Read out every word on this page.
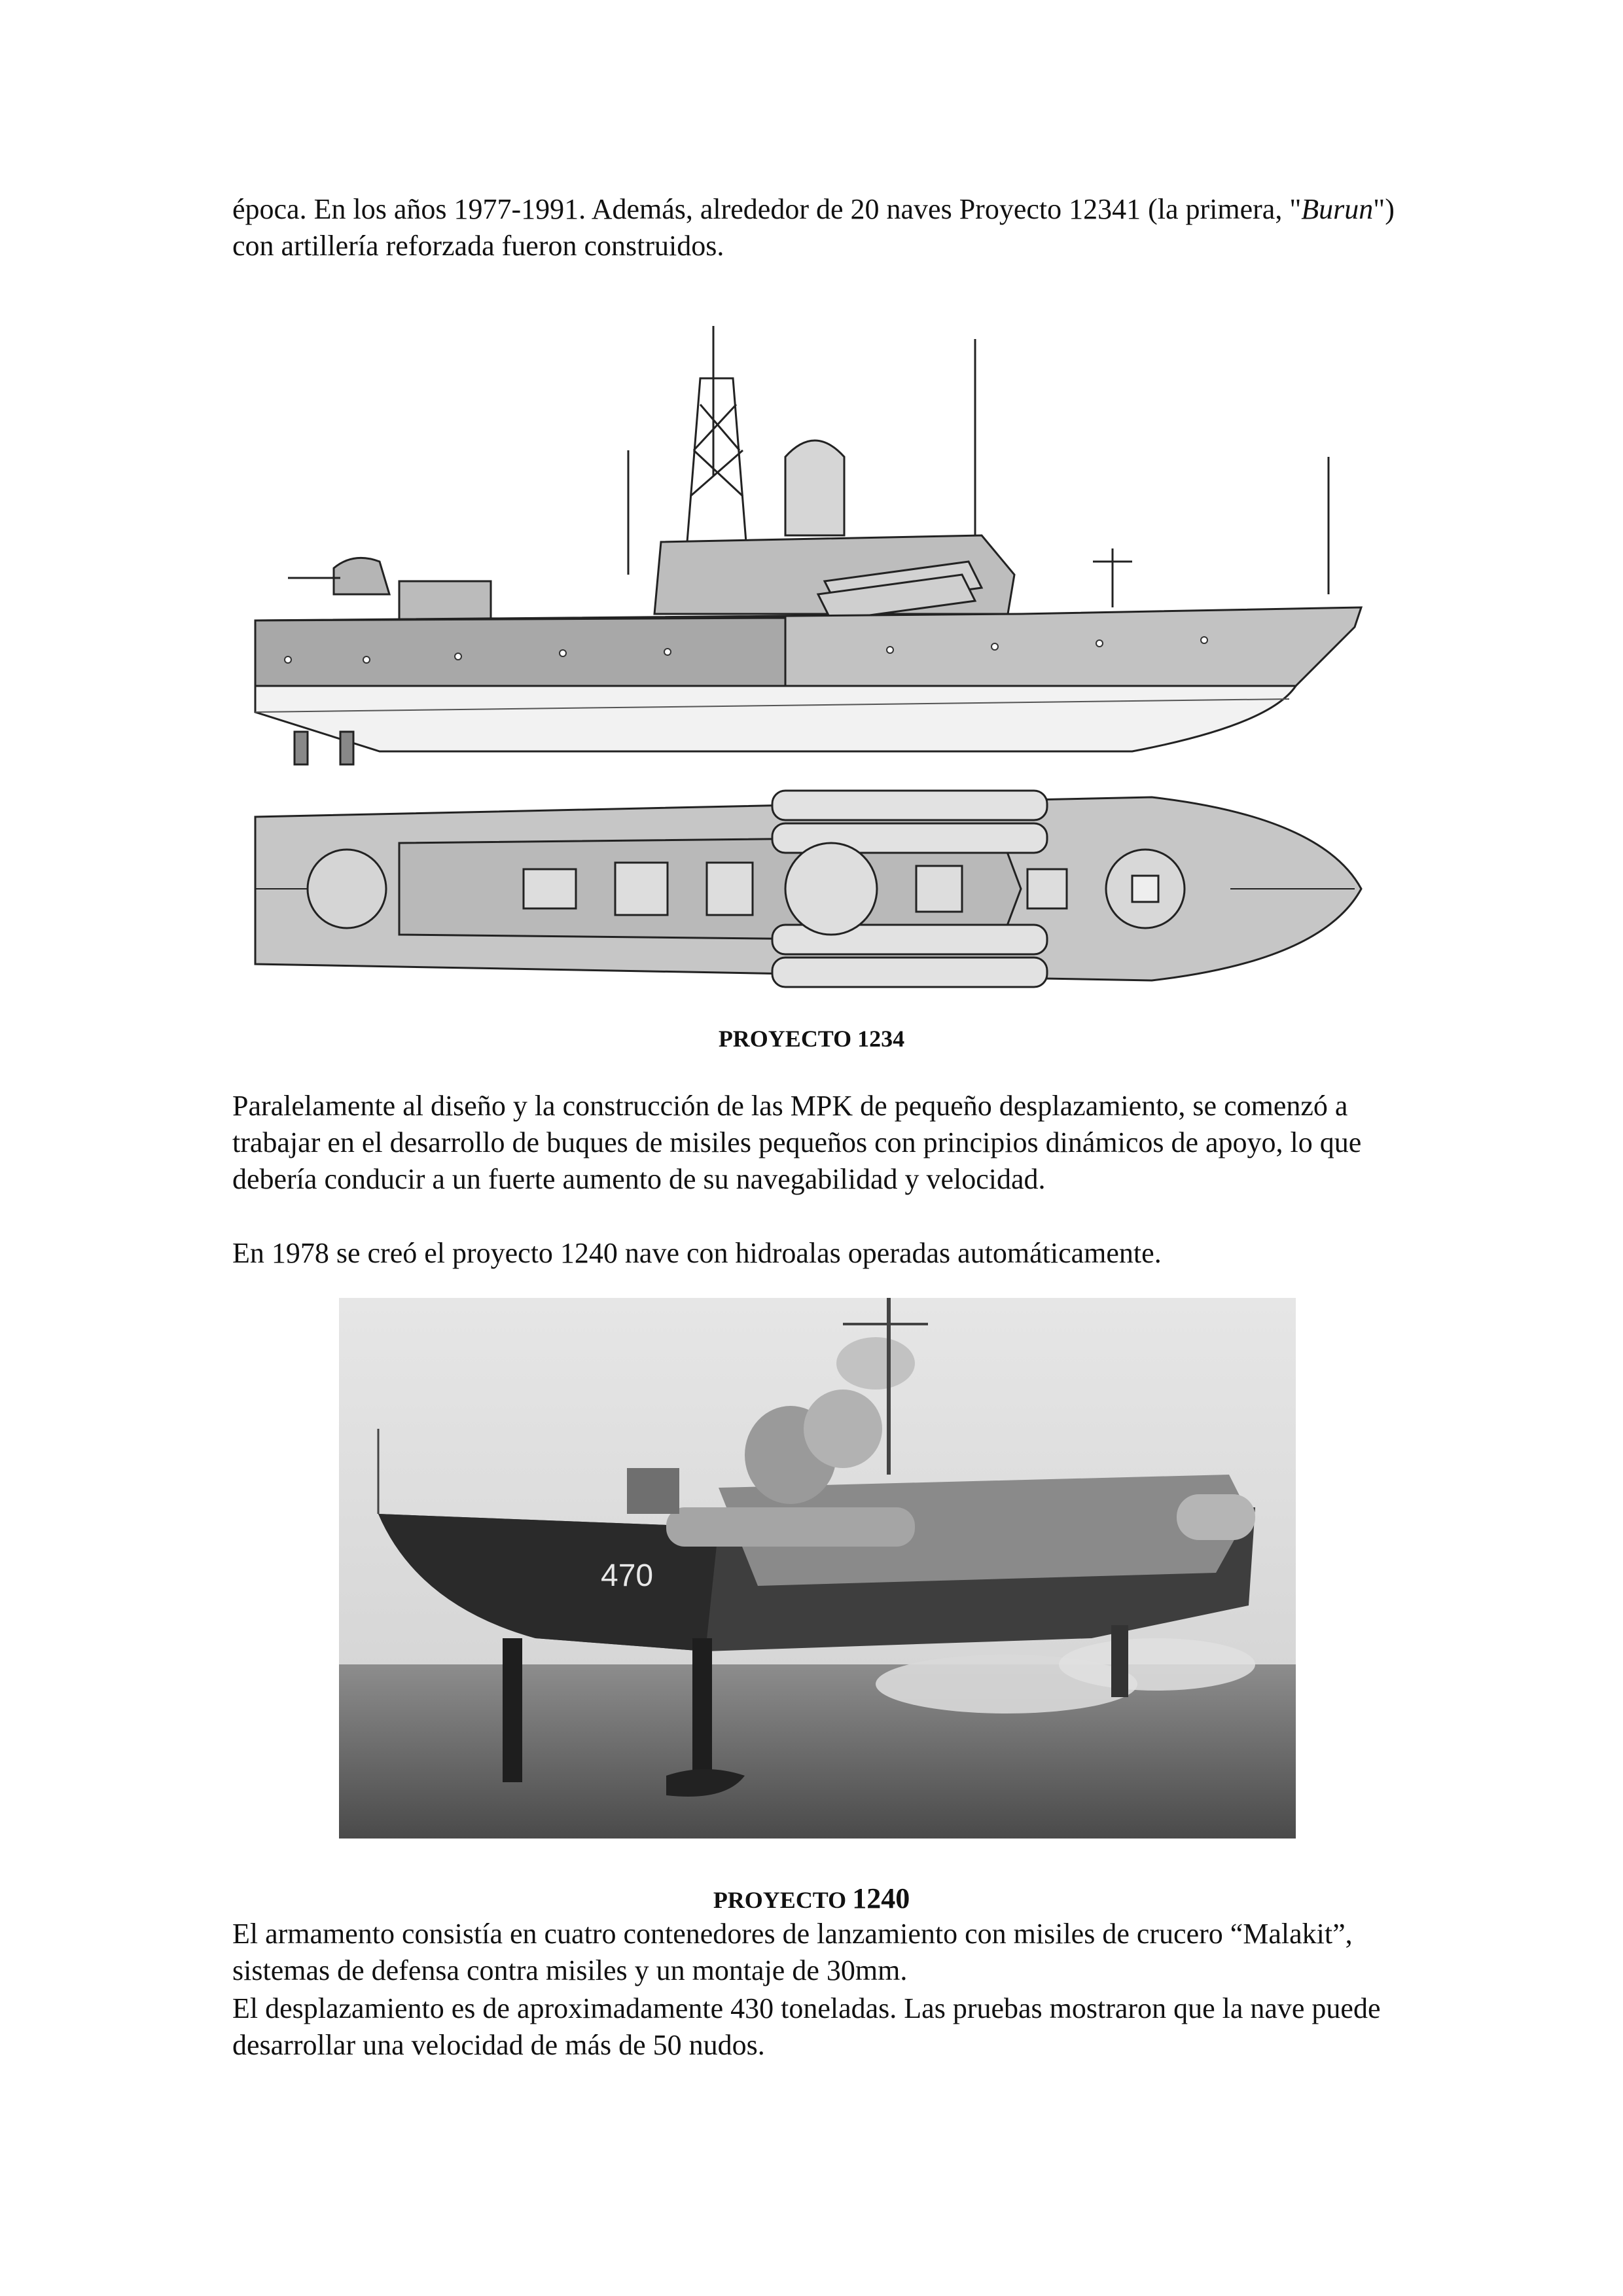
época. En los años 1977-1991. Además, alrededor de 20 naves Proyecto 12341 (la primera, "Burun") con artillería reforzada fueron construidos.

PROYECTO 1234

Paralelamente al diseño y la construcción de las MPK de pequeño desplazamiento, se comenzó a trabajar en el desarrollo de buques de misiles pequeños con principios dinámicos de apoyo, lo que debería conducir a un fuerte aumento de su navegabilidad y velocidad.

En 1978 se creó el proyecto 1240 nave con hidroalas operadas automáticamente.

470

PROYECTO 1240

El armamento consistía en cuatro contenedores de lanzamiento con misiles de crucero “Malakit”, sistemas de defensa contra misiles y un montaje de 30mm.

El desplazamiento es de aproximadamente 430 toneladas. Las pruebas mostraron que la nave puede desarrollar una velocidad de más de 50 nudos.
